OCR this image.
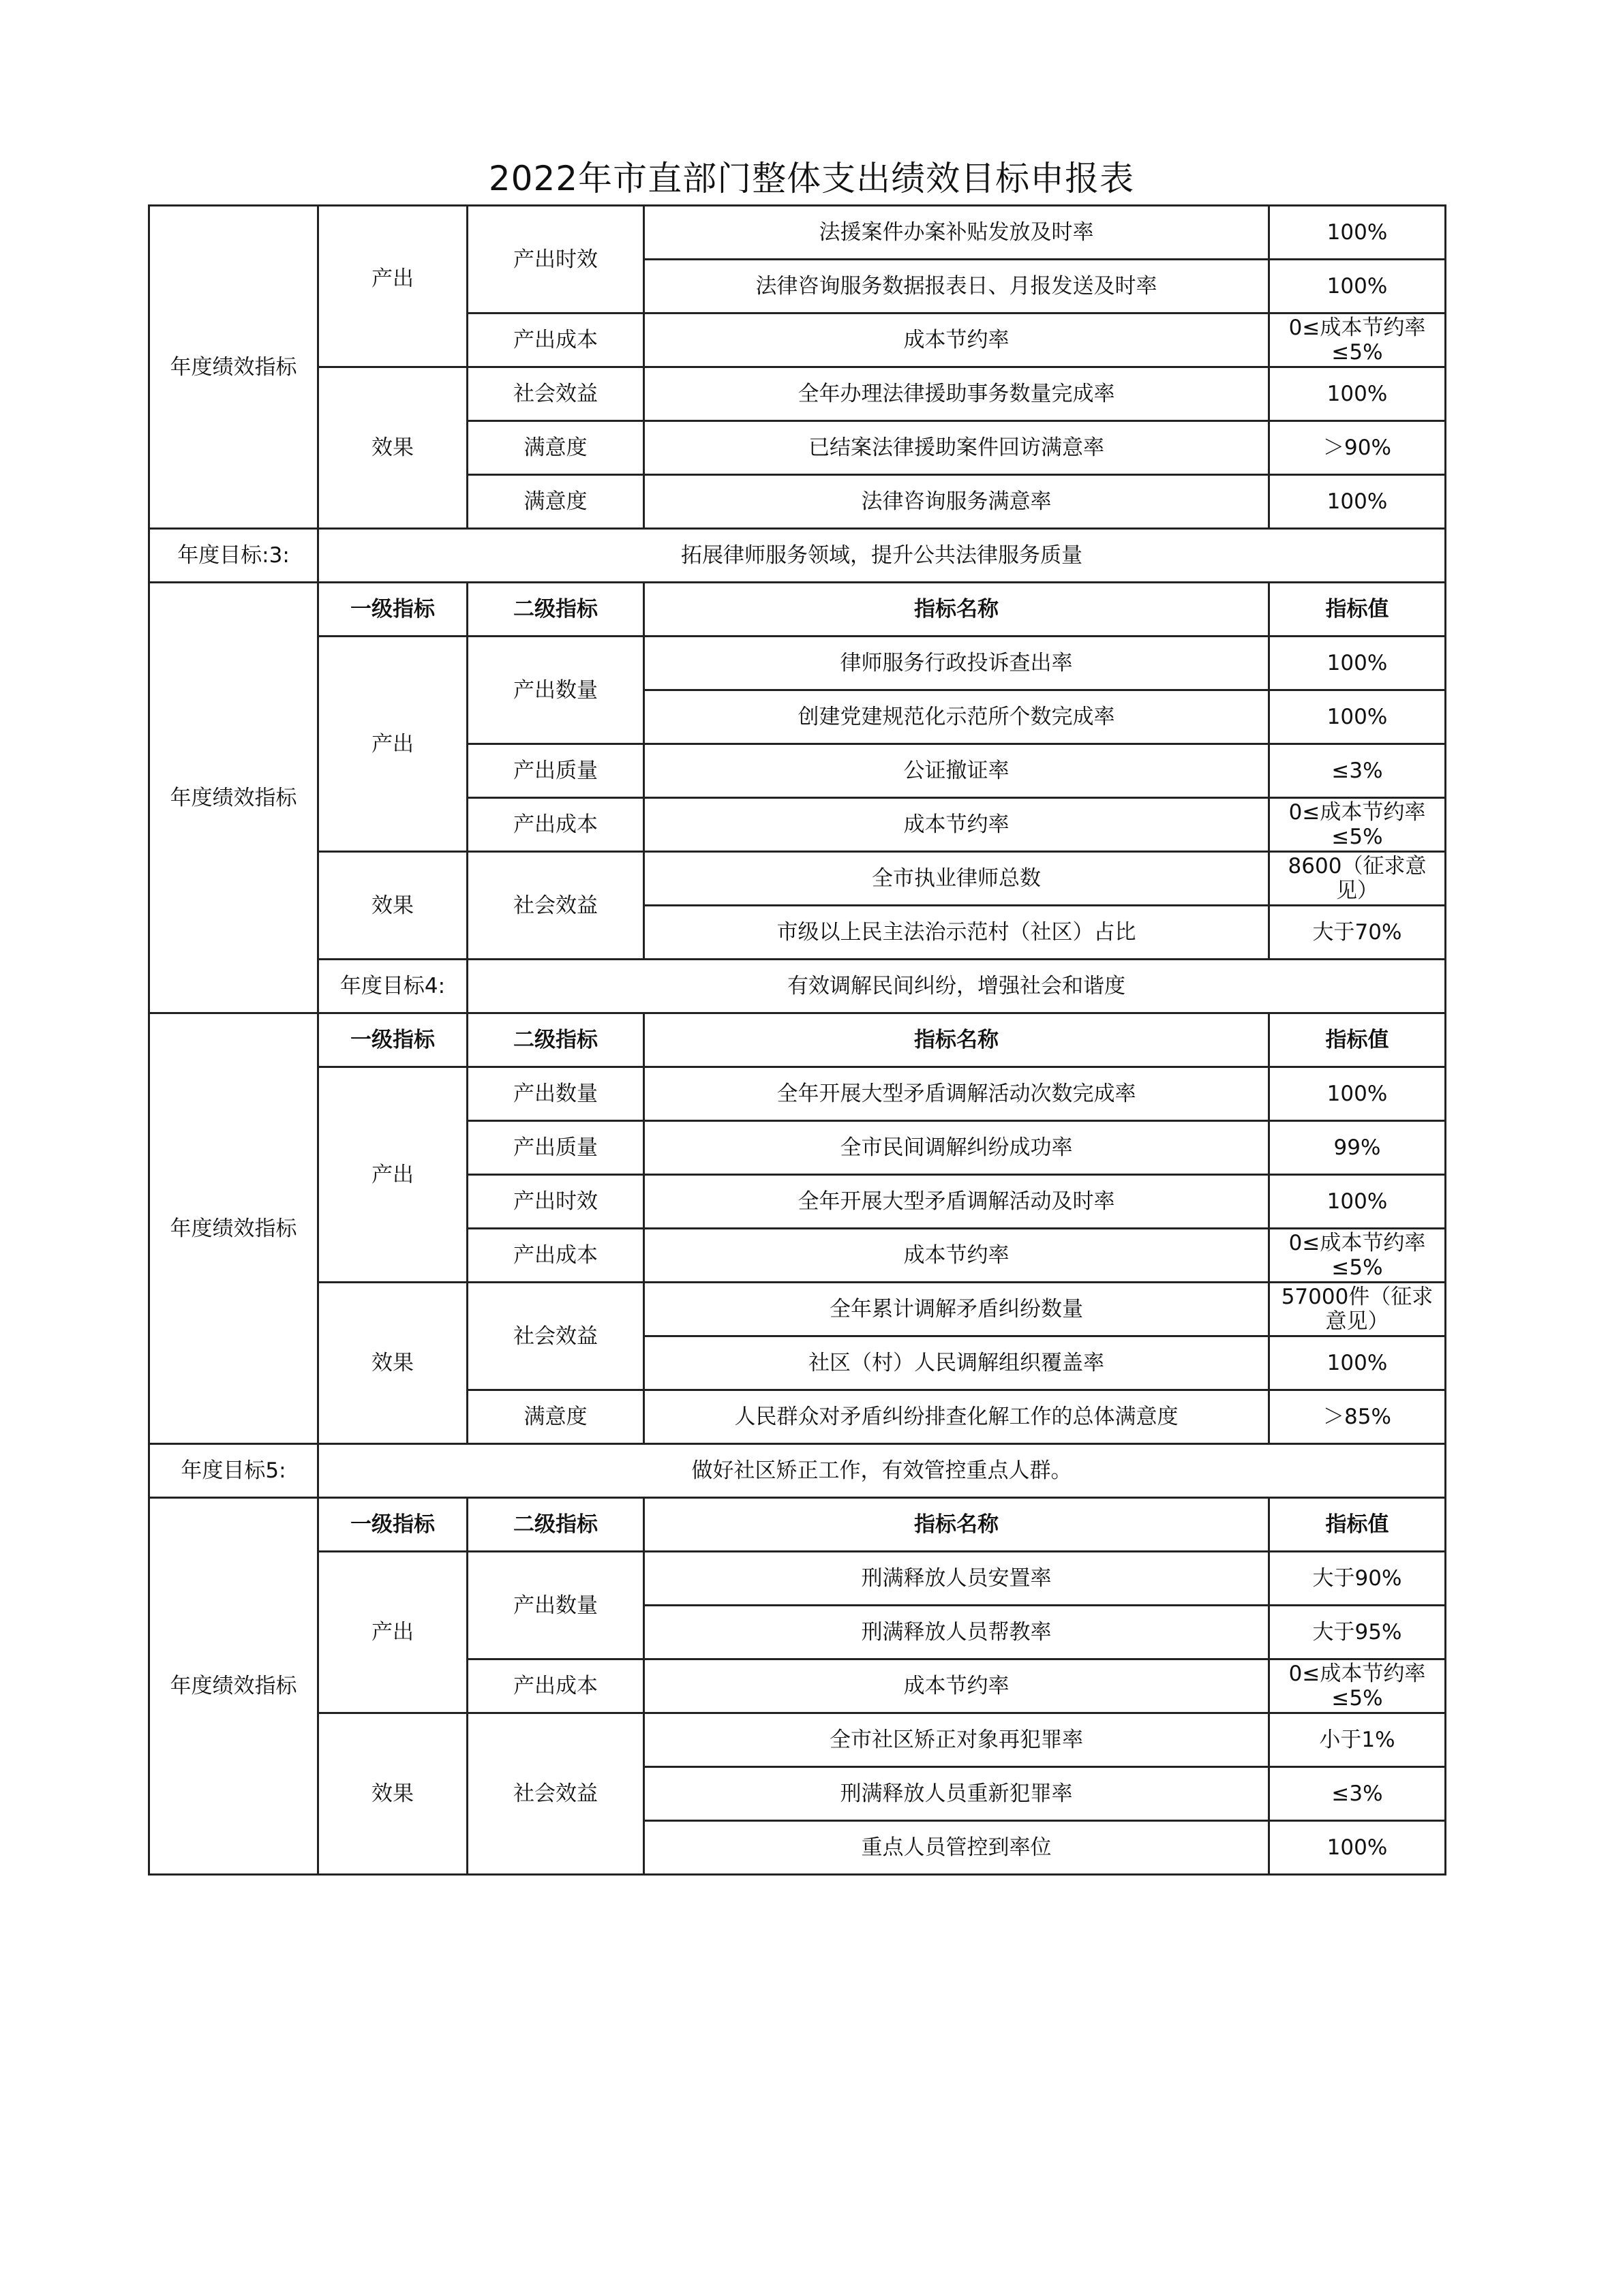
2022年市直部门整体支出绩效目标申报表
年度绩效指标	产出	产出时效	法援案件办案补贴发放及时率	100%
			法律咨询服务数据报表日、月报发送及时率	100%
		产出成本	成本节约率	0≤成本节约率≤5%
	效果	社会效益	全年办理法律援助事务数量完成率	100%
		满意度	已结案法律援助案件回访满意率	＞90%
		满意度	法律咨询服务满意率	100%
年度目标:3:	拓展律师服务领域，提升公共法律服务质量			
年度绩效指标	一级指标	二级指标	指标名称	指标值
	产出	产出数量	律师服务行政投诉查出率	100%
			创建党建规范化示范所个数完成率	100%
		产出质量	公证撤证率	≤3%
		产出成本	成本节约率	0≤成本节约率≤5%
	效果	社会效益	全市执业律师总数	8600（征求意见）
			市级以上民主法治示范村（社区）占比	大于70%
	年度目标4:	有效调解民间纠纷，增强社会和谐度		
年度绩效指标	一级指标	二级指标	指标名称	指标值
	产出	产出数量	全年开展大型矛盾调解活动次数完成率	100%
		产出质量	全市民间调解纠纷成功率	99%
		产出时效	全年开展大型矛盾调解活动及时率	100%
		产出成本	成本节约率	0≤成本节约率≤5%
	效果	社会效益	全年累计调解矛盾纠纷数量	57000件（征求意见）
			社区（村）人民调解组织覆盖率	100%
		满意度	人民群众对矛盾纠纷排查化解工作的总体满意度	＞85%
年度目标5:	做好社区矫正工作，有效管控重点人群。			
年度绩效指标	一级指标	二级指标	指标名称	指标值
	产出	产出数量	刑满释放人员安置率	大于90%
			刑满释放人员帮教率	大于95%
		产出成本	成本节约率	0≤成本节约率≤5%
	效果	社会效益	全市社区矫正对象再犯罪率	小于1%
			刑满释放人员重新犯罪率	≤3%
			重点人员管控到率位	100%
